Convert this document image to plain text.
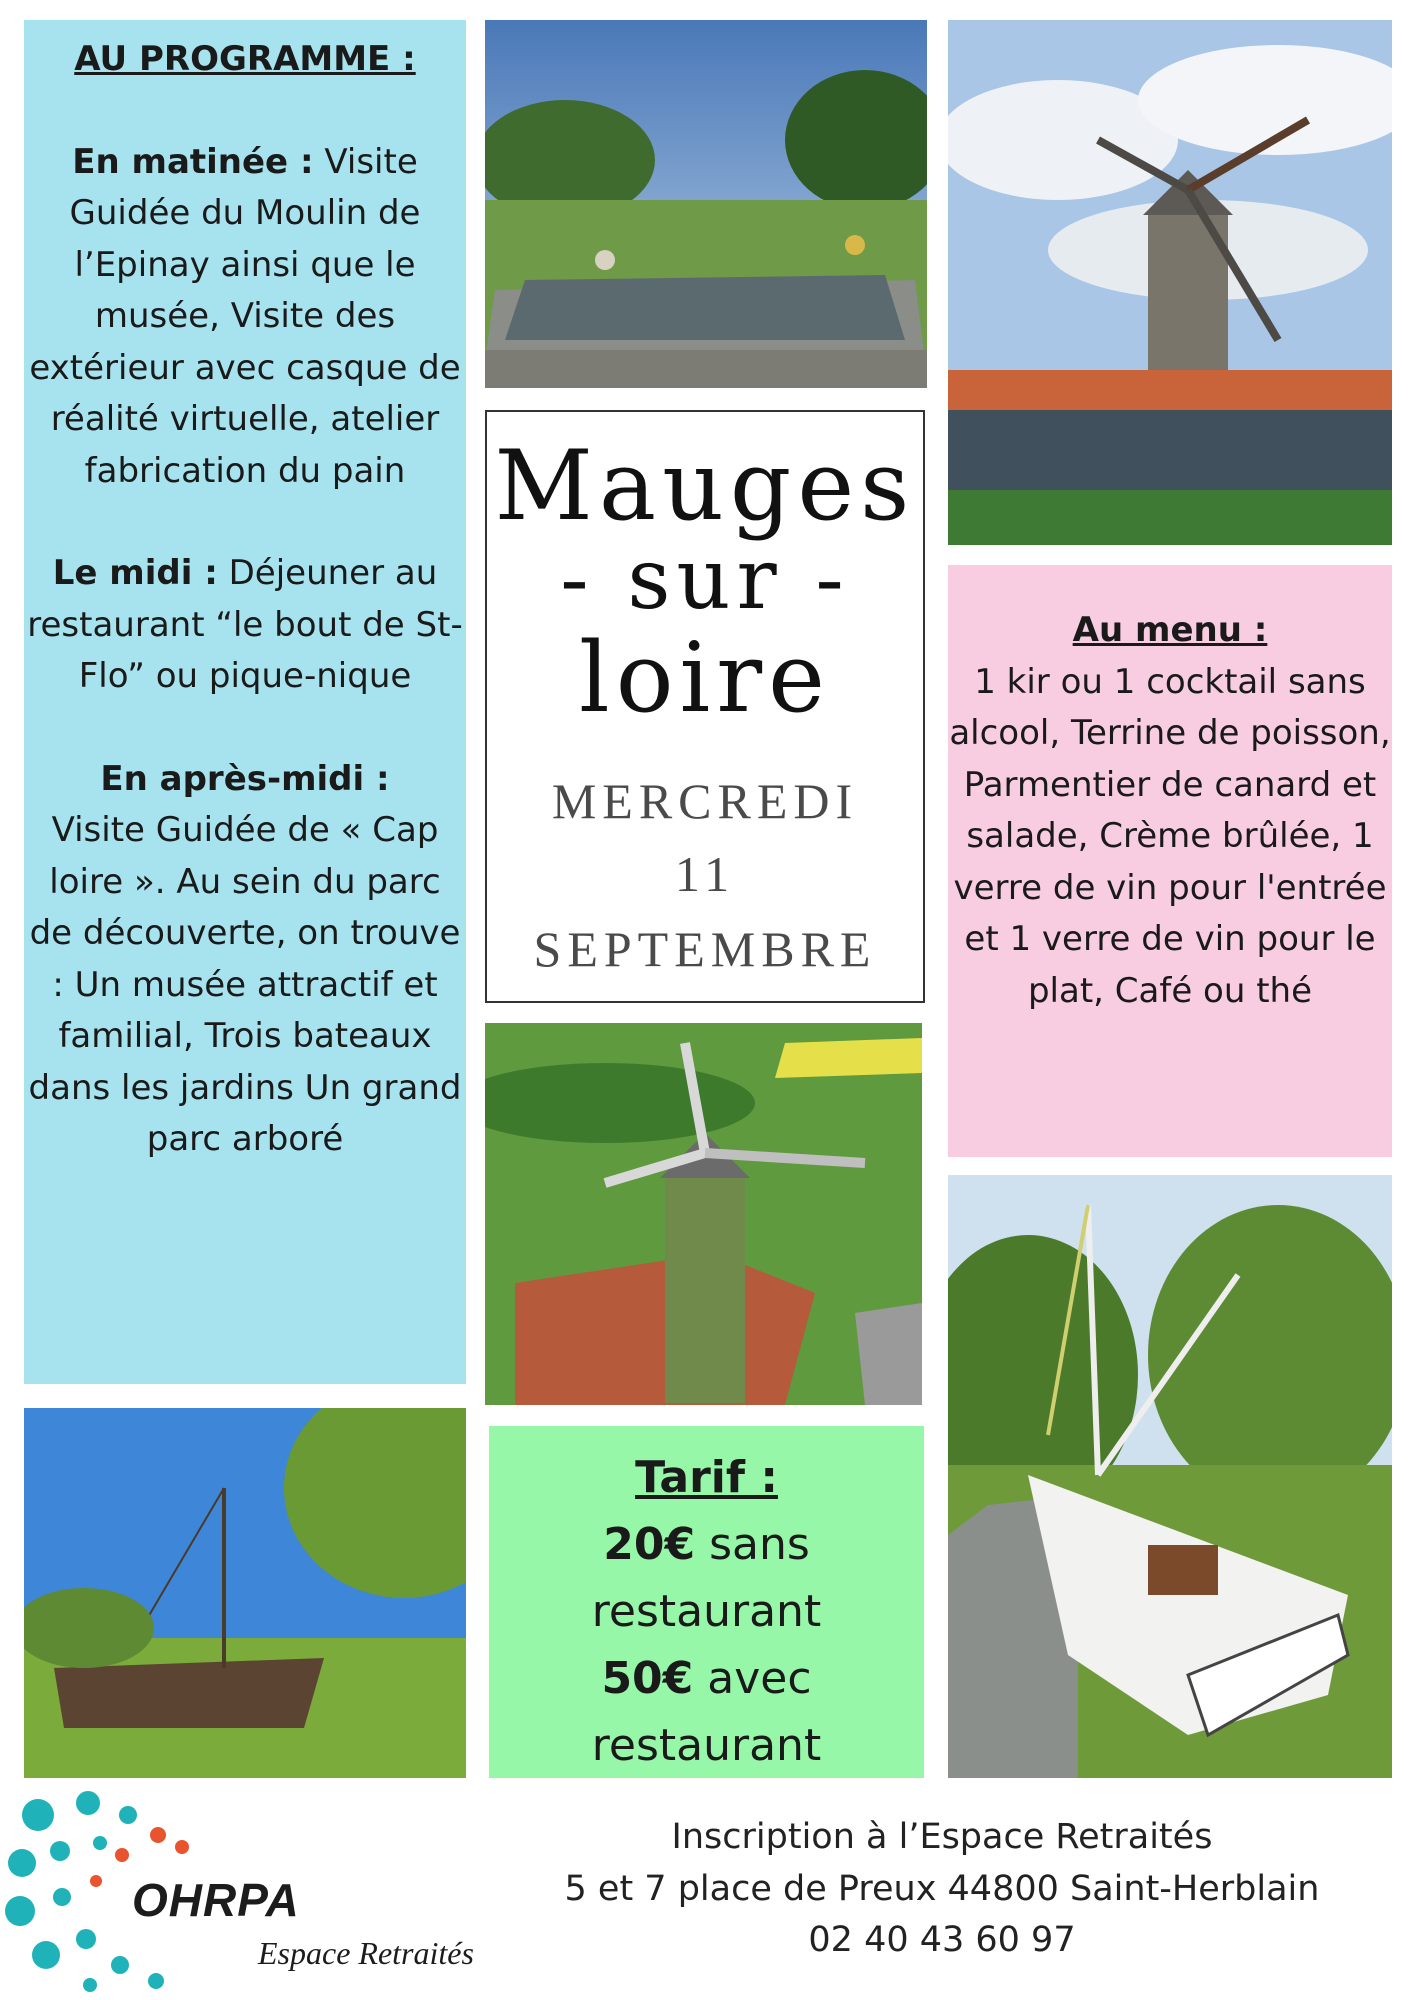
AU PROGRAMME :

En matinée : Visite Guidée du Moulin de l’Epinay ainsi que le musée, Visite des extérieur avec casque de réalité virtuelle, atelier fabrication du pain

Le midi : Déjeuner au restaurant “le bout de St-Flo” ou pique-nique

En après-midi :

Visite Guidée de « Cap loire ». Au sein du parc de découverte, on trouve : Un musée attractif et familial, Trois bateaux dans les jardins Un grand parc arboré

Mauges
- sur -
loire
MERCREDI
11
SEPTEMBRE

Au menu :

1 kir ou 1 cocktail sans alcool, Terrine de poisson, Parmentier de canard et salade, Crème brûlée, 1 verre de vin pour l'entrée et 1 verre de vin pour le plat, Café ou thé

Tarif :

20€ sans restaurant

50€ avec restaurant

OHRPA
Espace Retraités

Inscription à l’Espace Retraités

5 et 7 place de Preux 44800 Saint-Herblain

02 40 43 60 97
